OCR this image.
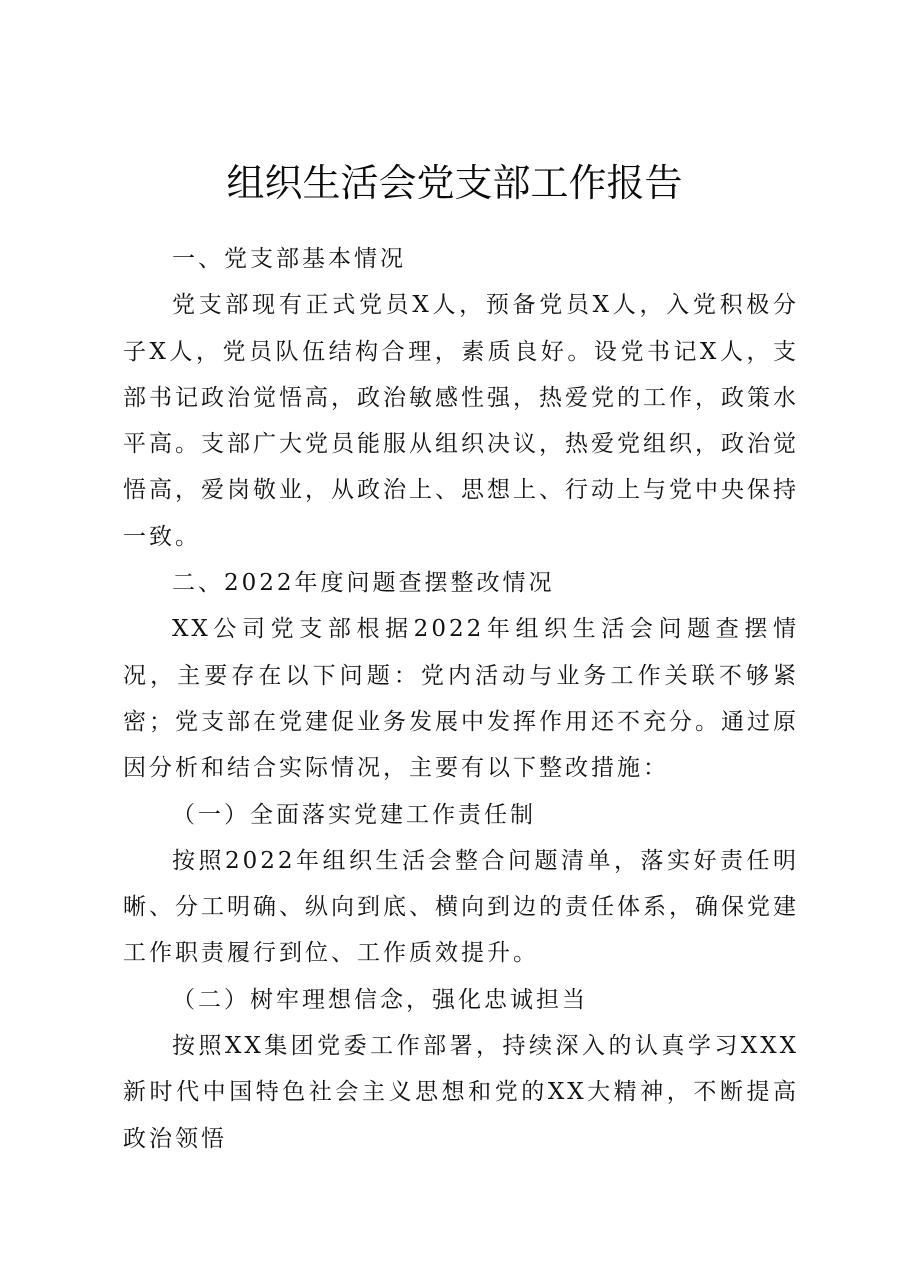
组织生活会党支部工作报告

一、党支部基本情况

党支部现有正式党员X人，预备党员X人，入党积极分子X人，党员队伍结构合理，素质良好。设党书记X人，支部书记政治觉悟高，政治敏感性强，热爱党的工作，政策水平高。支部广大党员能服从组织决议，热爱党组织，政治觉悟高，爱岗敬业，从政治上、思想上、行动上与党中央保持一致。

二、2022年度问题查摆整改情况

XX公司党支部根据2022年组织生活会问题查摆情况，主要存在以下问题：党内活动与业务工作关联不够紧密；党支部在党建促业务发展中发挥作用还不充分。通过原因分析和结合实际情况，主要有以下整改措施：

（一）全面落实党建工作责任制

按照2022年组织生活会整合问题清单，落实好责任明晰、分工明确、纵向到底、横向到边的责任体系，确保党建工作职责履行到位、工作质效提升。

（二）树牢理想信念，强化忠诚担当

按照XX集团党委工作部署，持续深入的认真学习XXX新时代中国特色社会主义思想和党的XX大精神，不断提高政治领悟
